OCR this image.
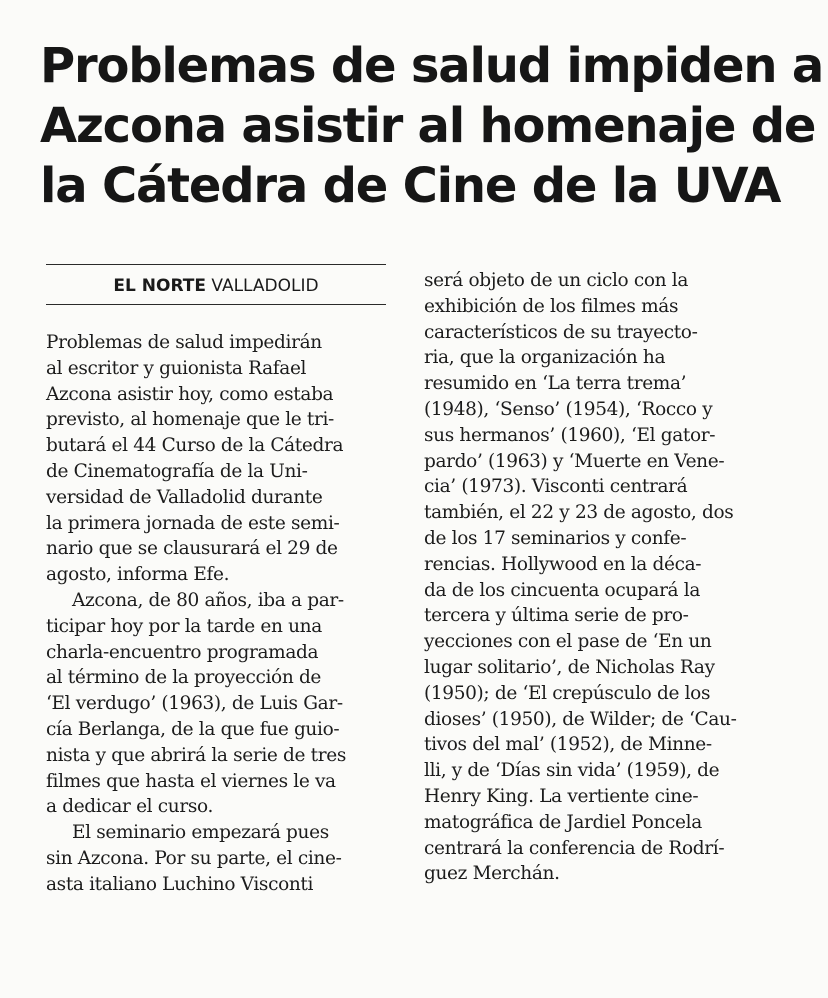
Problemas de salud impiden a
Azcona asistir al homenaje de
la Cátedra de Cine de la UVA
EL NORTE VALLADOLID
Problemas de salud impedirán
al escritor y guionista Rafael
Azcona asistir hoy, como estaba
previsto, al homenaje que le tri-
butará el 44 Curso de la Cátedra
de Cinematografía de la Uni-
versidad de Valladolid durante
la primera jornada de este semi-
nario que se clausurará el 29 de
agosto, informa Efe.
Azcona, de 80 años, iba a par-
ticipar hoy por la tarde en una
charla-encuentro programada
al término de la proyección de
‘El verdugo’ (1963), de Luis Gar-
cía Berlanga, de la que fue guio-
nista y que abrirá la serie de tres
filmes que hasta el viernes le va
a dedicar el curso.
El seminario empezará pues
sin Azcona. Por su parte, el cine-
asta italiano Luchino Visconti
será objeto de un ciclo con la
exhibición de los filmes más
característicos de su trayecto-
ria, que la organización ha
resumido en ‘La terra trema’
(1948), ‘Senso’ (1954), ‘Rocco y
sus hermanos’ (1960), ‘El gator-
pardo’ (1963) y ‘Muerte en Vene-
cia’ (1973). Visconti centrará
también, el 22 y 23 de agosto, dos
de los 17 seminarios y confe-
rencias. Hollywood en la déca-
da de los cincuenta ocupará la
tercera y última serie de pro-
yecciones con el pase de ‘En un
lugar solitario’, de Nicholas Ray
(1950); de ‘El crepúsculo de los
dioses’ (1950), de Wilder; de ‘Cau-
tivos del mal’ (1952), de Minne-
lli, y de ‘Días sin vida’ (1959), de
Henry King. La vertiente cine-
matográfica de Jardiel Poncela
centrará la conferencia de Rodrí-
guez Merchán.
